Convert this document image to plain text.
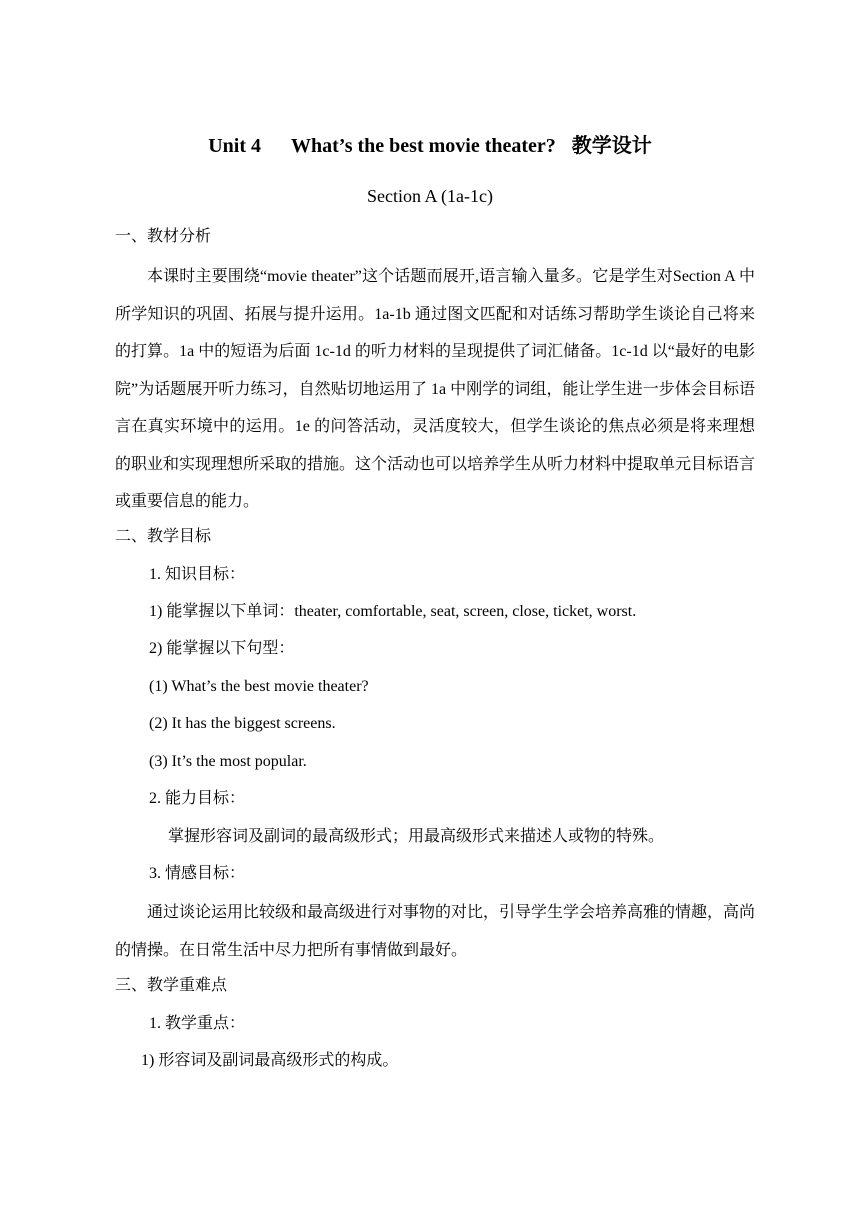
Unit 4 What’s the best movie theater? 教学设计
Section A (1a-1c)
一、教材分析
本课时主要围绕“movie theater”这个话题而展开,语言输入量多。它是学生对Section A 中所学知识的巩固、拓展与提升运用。1a-1b 通过图文匹配和对话练习帮助学生谈论自己将来的打算。1a 中的短语为后面 1c-1d 的听力材料的呈现提供了词汇储备。1c-1d 以“最好的电影院”为话题展开听力练习，自然贴切地运用了 1a 中刚学的词组，能让学生进一步体会目标语言在真实环境中的运用。1e 的问答活动，灵活度较大，但学生谈论的焦点必须是将来理想的职业和实现理想所采取的措施。这个活动也可以培养学生从听力材料中提取单元目标语言或重要信息的能力。
二、教学目标
1. 知识目标：
1) 能掌握以下单词：theater, comfortable, seat, screen, close, ticket, worst.
2) 能掌握以下句型：
(1) What’s the best movie theater?
(2) It has the biggest screens.
(3) It’s the most popular.
2. 能力目标：
掌握形容词及副词的最高级形式；用最高级形式来描述人或物的特殊。
3. 情感目标：
通过谈论运用比较级和最高级进行对事物的对比，引导学生学会培养高雅的情趣，高尚的情操。在日常生活中尽力把所有事情做到最好。
三、教学重难点
1. 教学重点：
1) 形容词及副词最高级形式的构成。
